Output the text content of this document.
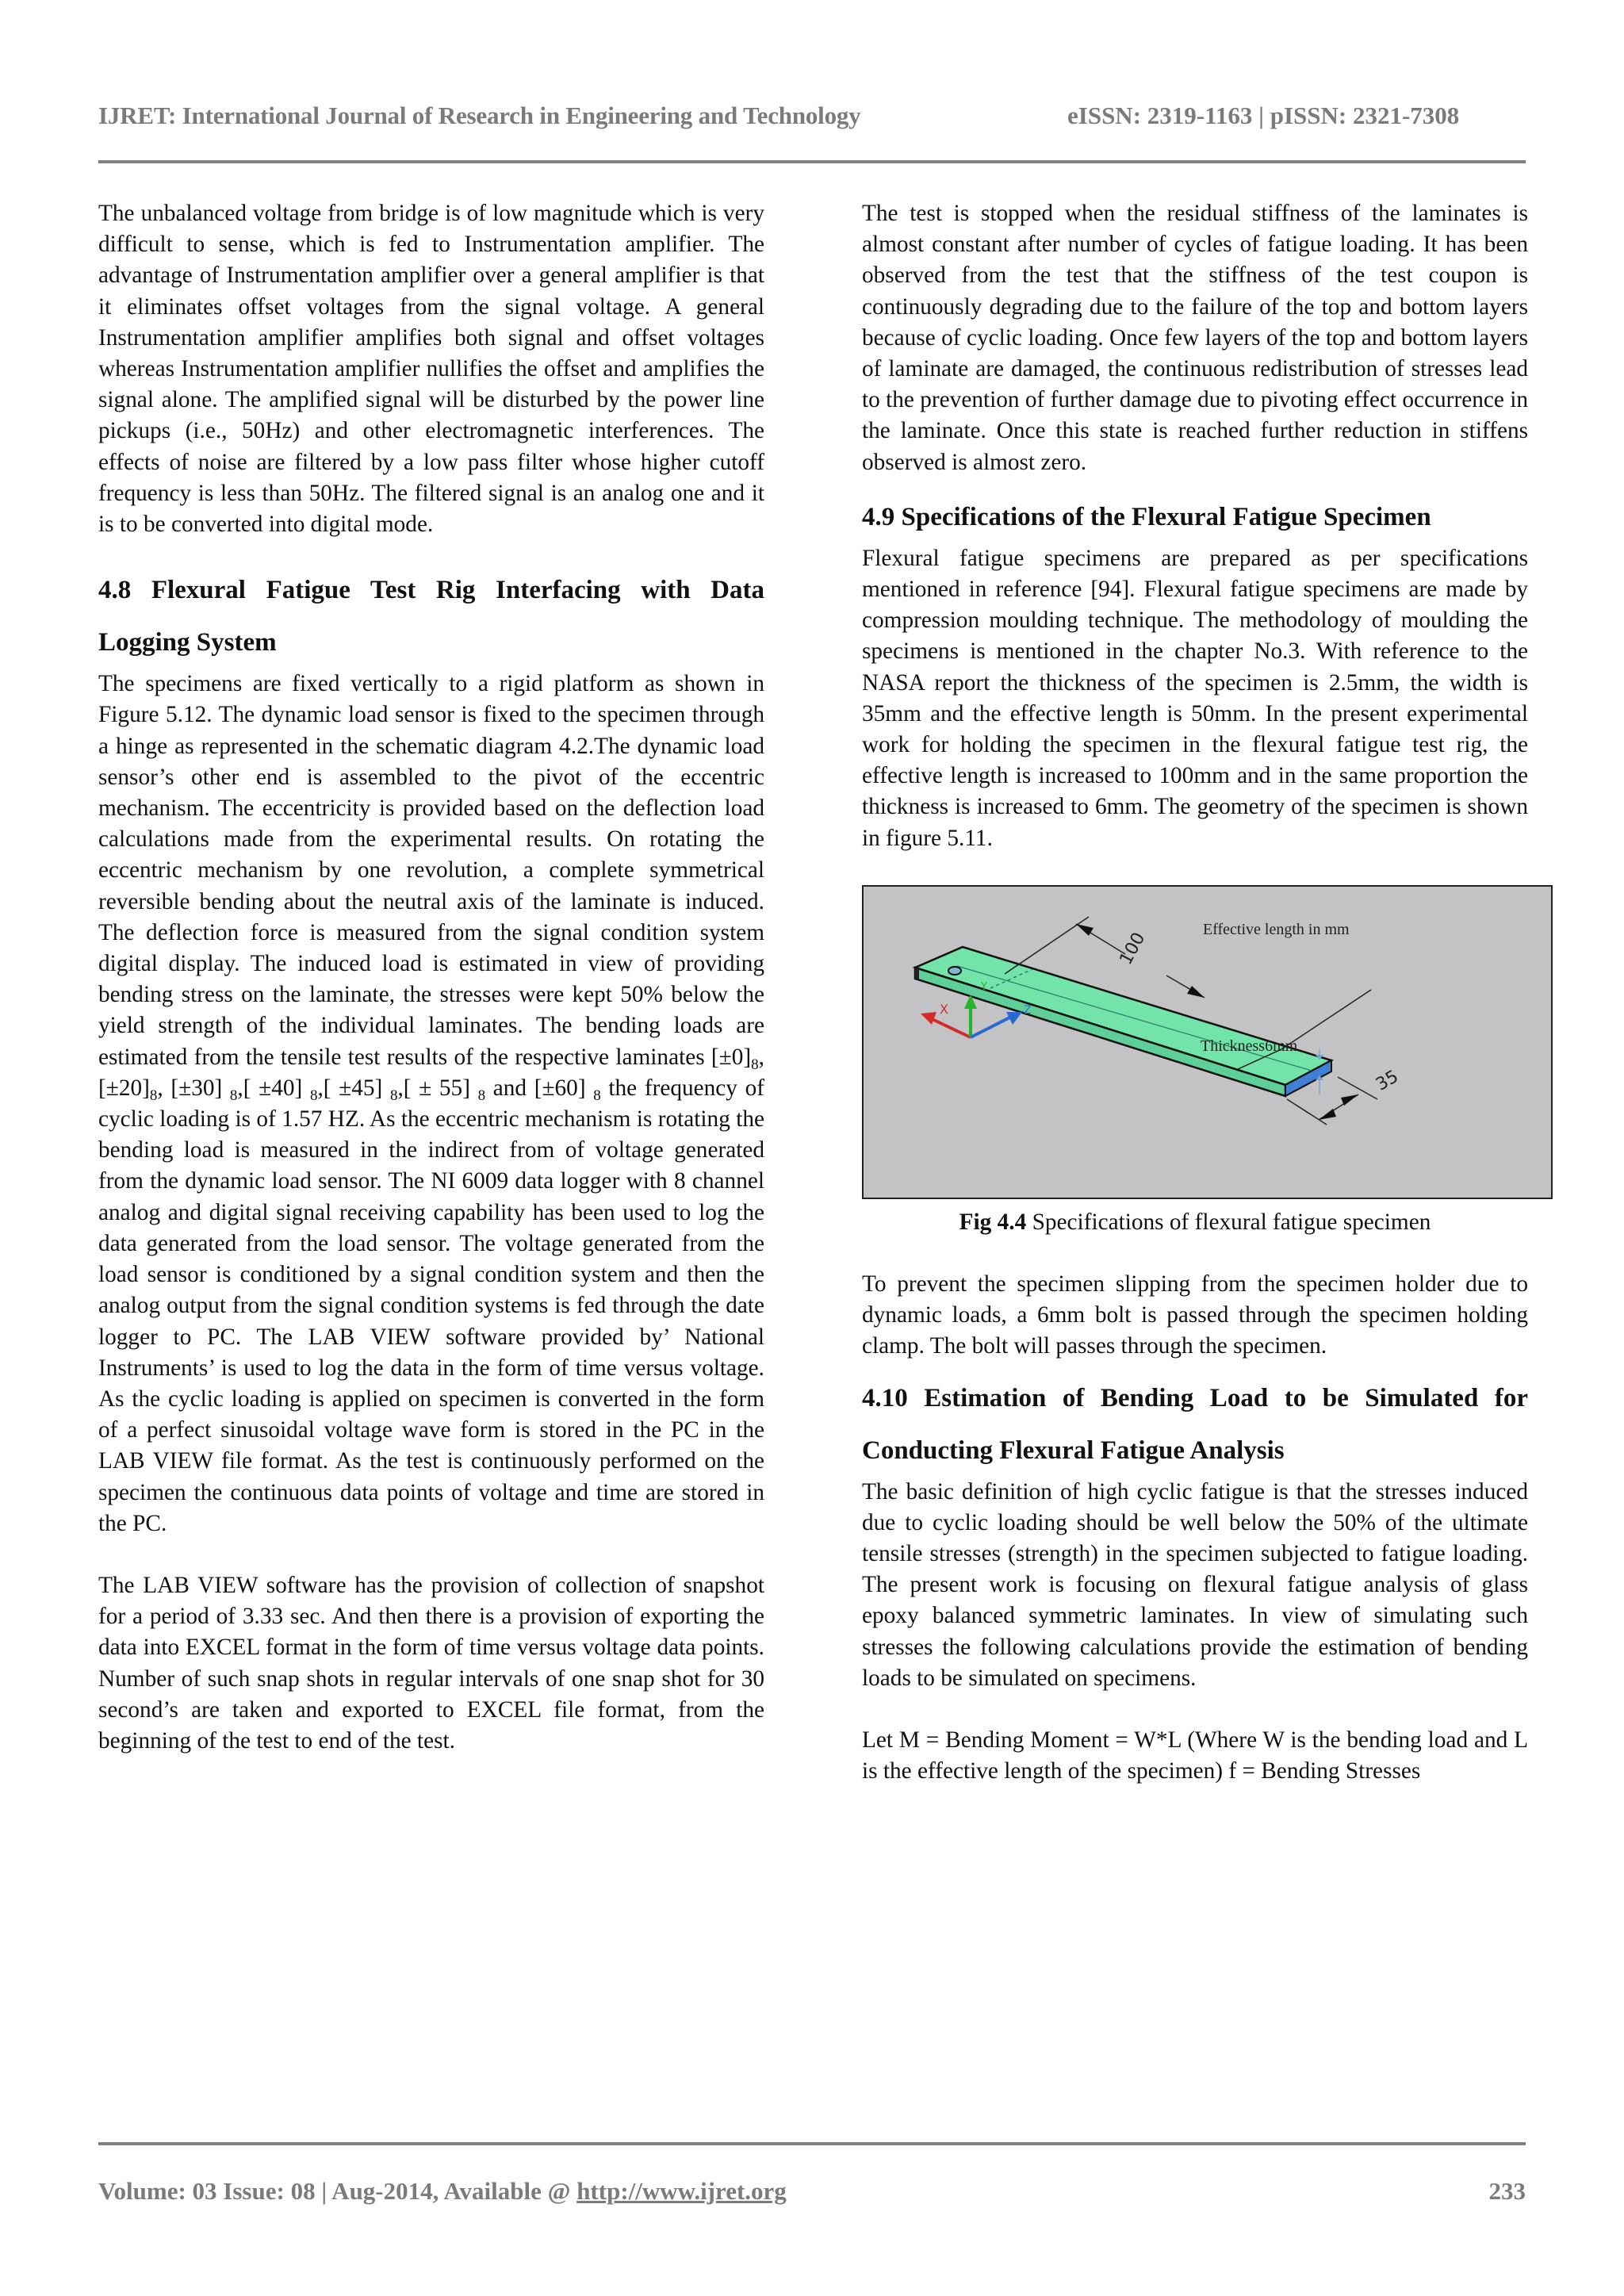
IJRET: International Journal of Research in Engineering and Technology	eISSN: 2319-1163 | pISSN: 2321-7308

The unbalanced voltage from bridge is of low magnitude which is very difficult to sense, which is fed to Instrumentation amplifier. The advantage of Instrumentation amplifier over a general amplifier is that it eliminates offset voltages from the signal voltage. A general Instrumentation amplifier amplifies both signal and offset voltages whereas Instrumentation amplifier nullifies the offset and amplifies the signal alone. The amplified signal will be disturbed by the power line pickups (i.e., 50Hz) and other electromagnetic interferences. The effects of noise are filtered by a low pass filter whose higher cutoff frequency is less than 50Hz. The filtered signal is an analog one and it is to be converted into digital mode.

4.8 Flexural Fatigue Test Rig Interfacing with Data Logging System

The specimens are fixed vertically to a rigid platform as shown in Figure 5.12. The dynamic load sensor is fixed to the specimen through a hinge as represented in the schematic diagram 4.2.The dynamic load sensor’s other end is assembled to the pivot of the eccentric mechanism. The eccentricity is provided based on the deflection load calculations made from the experimental results. On rotating the eccentric mechanism by one revolution, a complete symmetrical reversible bending about the neutral axis of the laminate is induced. The deflection force is measured from the signal condition system digital display. The induced load is estimated in view of providing bending stress on the laminate, the stresses were kept 50% below the yield strength of the individual laminates. The bending loads are estimated from the tensile test results of the respective laminates $[\pm 0]_8$, $[\pm 20]_8$, [±30] $_8$,[ ±40] $_8$,[ ±45] $_8$,[ ± 55] $_8$ and [±60] $_8$ the frequency of cyclic loading is of 1.57 HZ. As the eccentric mechanism is rotating the bending load is measured in the indirect from of voltage generated from the dynamic load sensor. The NI 6009 data logger with 8 channel analog and digital signal receiving capability has been used to log the data generated from the load sensor. The voltage generated from the load sensor is conditioned by a signal condition system and then the analog output from the signal condition systems is fed through the date logger to PC. The LAB VIEW software provided by’ National Instruments’ is used to log the data in the form of time versus voltage. As the cyclic loading is applied on specimen is converted in the form of a perfect sinusoidal voltage wave form is stored in the PC in the LAB VIEW file format. As the test is continuously performed on the specimen the continuous data points of voltage and time are stored in the PC.

The LAB VIEW software has the provision of collection of snapshot for a period of 3.33 sec. And then there is a provision of exporting the data into EXCEL format in the form of time versus voltage data points. Number of such snap shots in regular intervals of one snap shot for 30 second’s are taken and exported to EXCEL file format, from the beginning of the test to end of the test.

The test is stopped when the residual stiffness of the laminates is almost constant after number of cycles of fatigue loading. It has been observed from the test that the stiffness of the test coupon is continuously degrading due to the failure of the top and bottom layers because of cyclic loading. Once few layers of the top and bottom layers of laminate are damaged, the continuous redistribution of stresses lead to the prevention of further damage due to pivoting effect occurrence in the laminate. Once this state is reached further reduction in stiffens observed is almost zero.

4.9 Specifications of the Flexural Fatigue Specimen

Flexural fatigue specimens are prepared as per specifications mentioned in reference [94]. Flexural fatigue specimens are made by compression moulding technique. The methodology of moulding the specimens is mentioned in the chapter No.3. With reference to the NASA report the thickness of the specimen is 2.5mm, the width is 35mm and the effective length is 50mm. In the present experimental work for holding the specimen in the flexural fatigue test rig, the effective length is increased to 100mm and in the same proportion the thickness is increased to 6mm. The geometry of the specimen is shown in figure 5.11.

X
Y
Z
100	Effective length in mm
Thickness6mm
35
Fig 4.4 Specifications of flexural fatigue specimen

To prevent the specimen slipping from the specimen holder due to dynamic loads, a 6mm bolt is passed through the specimen holding clamp. The bolt will passes through the specimen.

4.10 Estimation of Bending Load to be Simulated for Conducting Flexural Fatigue Analysis

The basic definition of high cyclic fatigue is that the stresses induced due to cyclic loading should be well below the 50% of the ultimate tensile stresses (strength) in the specimen subjected to fatigue loading. The present work is focusing on flexural fatigue analysis of glass epoxy balanced symmetric laminates. In view of simulating such stresses the following calculations provide the estimation of bending loads to be simulated on specimens.

Let M = Bending Moment = W*L (Where W is the bending load and L is the effective length of the specimen) f = Bending Stresses

Volume: 03 Issue: 08 | Aug-2014, Available @ http://www.ijret.org	233
